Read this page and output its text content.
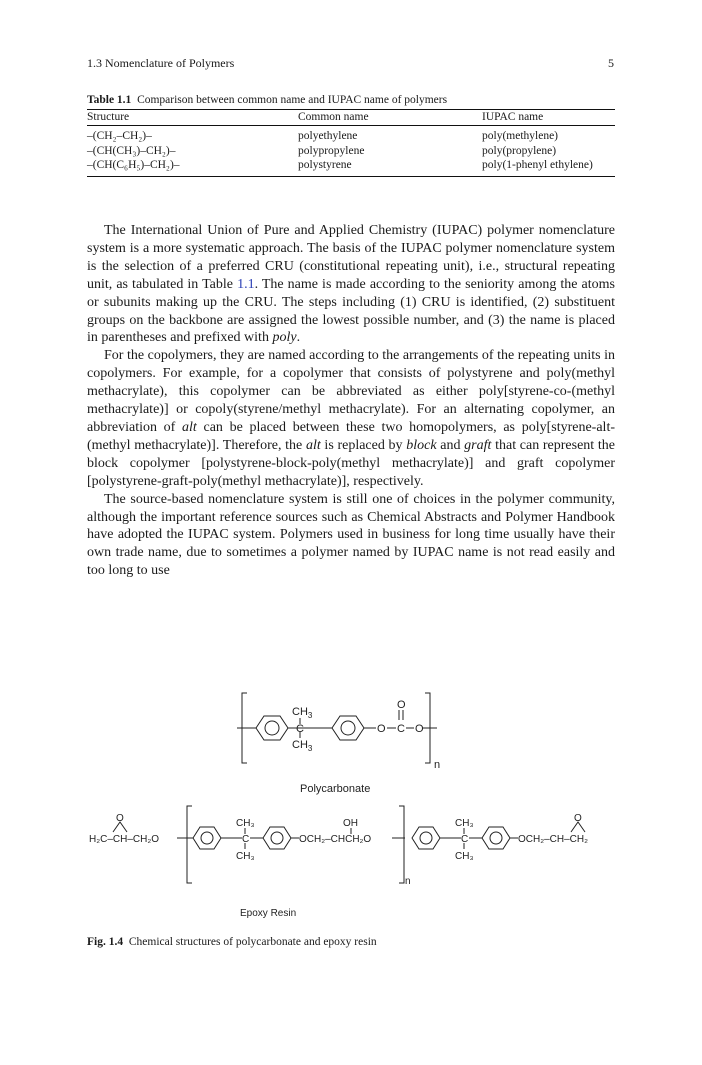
1.3 Nomenclature of Polymers	5
Table 1.1 Comparison between common name and IUPAC name of polymers
Structure	Common name	IUPAC name
–(CH₂–CH₂)–	polyethylene	poly(methylene)
–(CH(CH₃)–CH₂)–	polypropylene	poly(propylene)
–(CH(C₆H₅)–CH₂)–	polystyrene	poly(1-phenyl ethylene)

The International Union of Pure and Applied Chemistry (IUPAC) polymer nomenclature system is a more systematic approach. The basis of the IUPAC polymer nomenclature system is the selection of a preferred CRU (constitutional repeating unit), i.e., structural repeating unit, as tabulated in Table 1.1. The name is made according to the seniority among the atoms or subunits making up the CRU. The steps including (1) CRU is identified, (2) substituent groups on the backbone are assigned the lowest possible number, and (3) the name is placed in parentheses and prefixed with poly.

For the copolymers, they are named according to the arrangements of the repeating units in copolymers. For example, for a copolymer that consists of polystyrene and poly(methyl methacrylate), this copolymer can be abbreviated as either poly[styrene-co-(methyl methacrylate)] or copoly(styrene/methyl methacrylate). For an alternating copolymer, an abbreviation of alt can be placed between these two homopolymers, as poly[styrene-alt-(methyl methacrylate)]. Therefore, the alt is replaced by block and graft that can represent the block copolymer [polystyrene-block-poly(methyl methacrylate)] and graft copolymer [polystyrene-graft-poly(methyl methacrylate)], respectively.

The source-based nomenclature system is still one of choices in the polymer community, although the important reference sources such as Chemical Abstracts and Polymer Handbook have adopted the IUPAC system. Polymers used in business for long time usually have their own trade name, due to sometimes a polymer named by IUPAC name is not read easily and too long to use

$CH_3$
C
$CH_3$
O
O
C O
n
Polycarbonate
O
H₂C–CH–CH₂O
CH₃
C
CH₃
OCH₂–CHCH₂O
OH
n
CH₃
C
CH₃
O
OCH₂–CH–CH₂
Epoxy Resin
Fig. 1.4 Chemical structures of polycarbonate and epoxy resin
